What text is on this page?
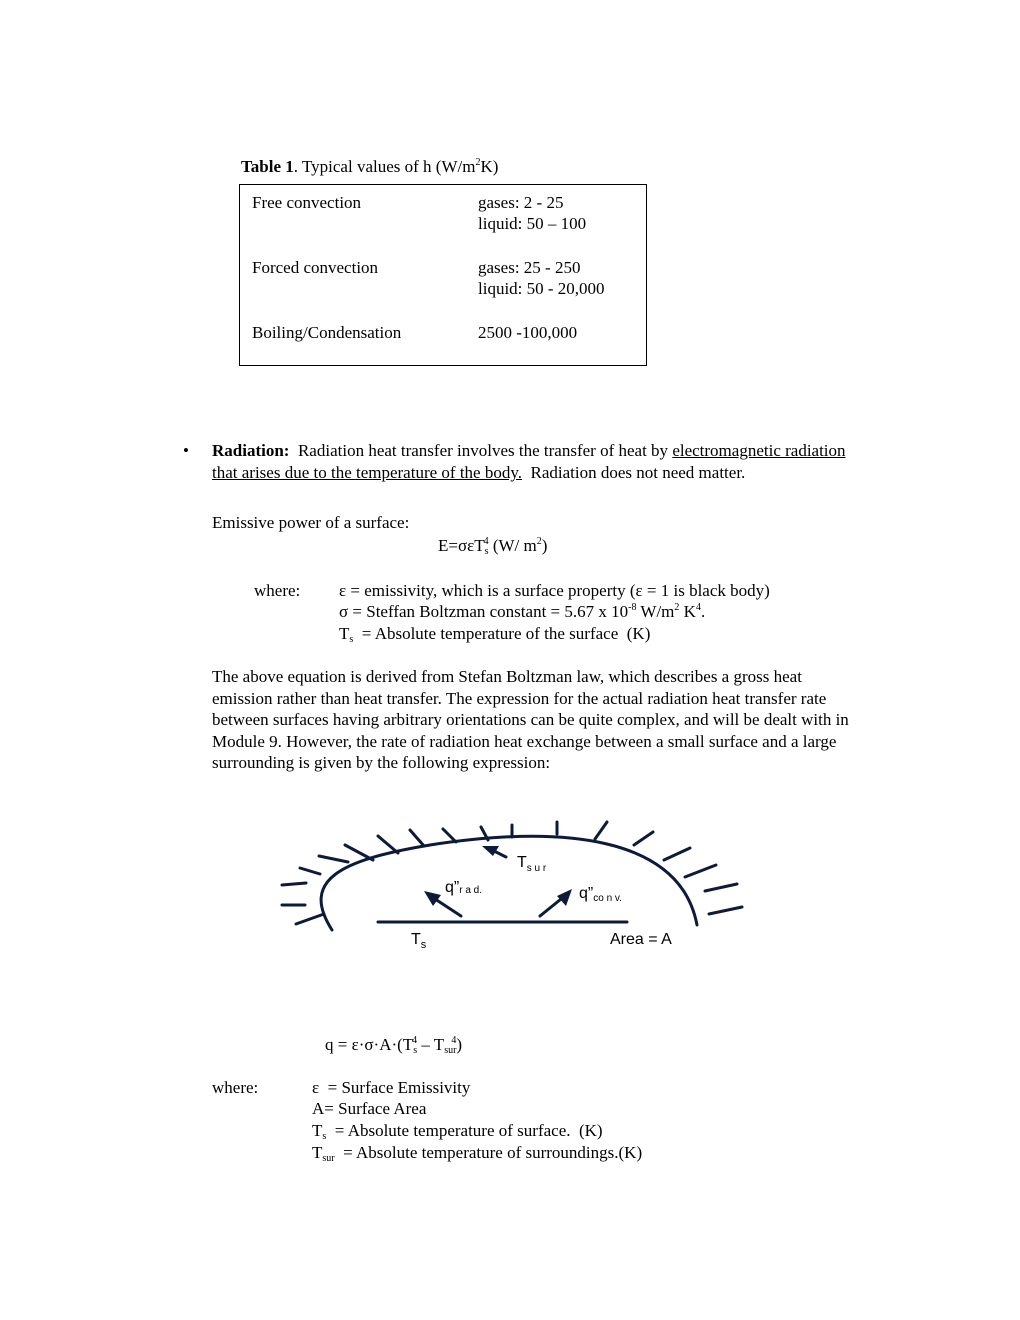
Table 1. Typical values of h $(W/m^2K)$
Free convection	gases: 2 - 25
liquid: 50 – 100
Forced convection	gases: 25 - 250
liquid: 50 - 20,000
Boiling/Condensation	2500 -100,000
• Radiation: Radiation heat transfer involves the transfer of heat by electromagnetic radiation
that arises due to the temperature of the body. Radiation does not need matter.
Emissive power of a surface:
E=σεT$_s^4$ (W/ $m^2$)
where: ε = emissivity, which is a surface property (ε = 1 is black body)
σ = Steffan Boltzman constant = 5.67 x $10^{-8}$ $W/m^2$ $K^4$.
$T_s$  = Absolute temperature of the surface  (K)
The above equation is derived from Stefan Boltzman law, which describes a gross heat
emission rather than heat transfer. The expression for the actual radiation heat transfer rate
between surfaces having arbitrary orientations can be quite complex, and will be dealt with in
Module 9. However, the rate of radiation heat exchange between a small surface and a large
surrounding is given by the following expression:
$T_{s u r}$
$q”_{r a d.}$	$q”_{co n v.}$
$T_s$	Area = A
$q = \varepsilon\cdot\sigma\cdot A\cdot(T_s^4 - T_{sur}^4)$
where:	ε  = Surface Emissivity
A= Surface Area
$T_s$  = Absolute temperature of surface.  (K)
$T_{sur}$  = Absolute temperature of surroundings.(K)
